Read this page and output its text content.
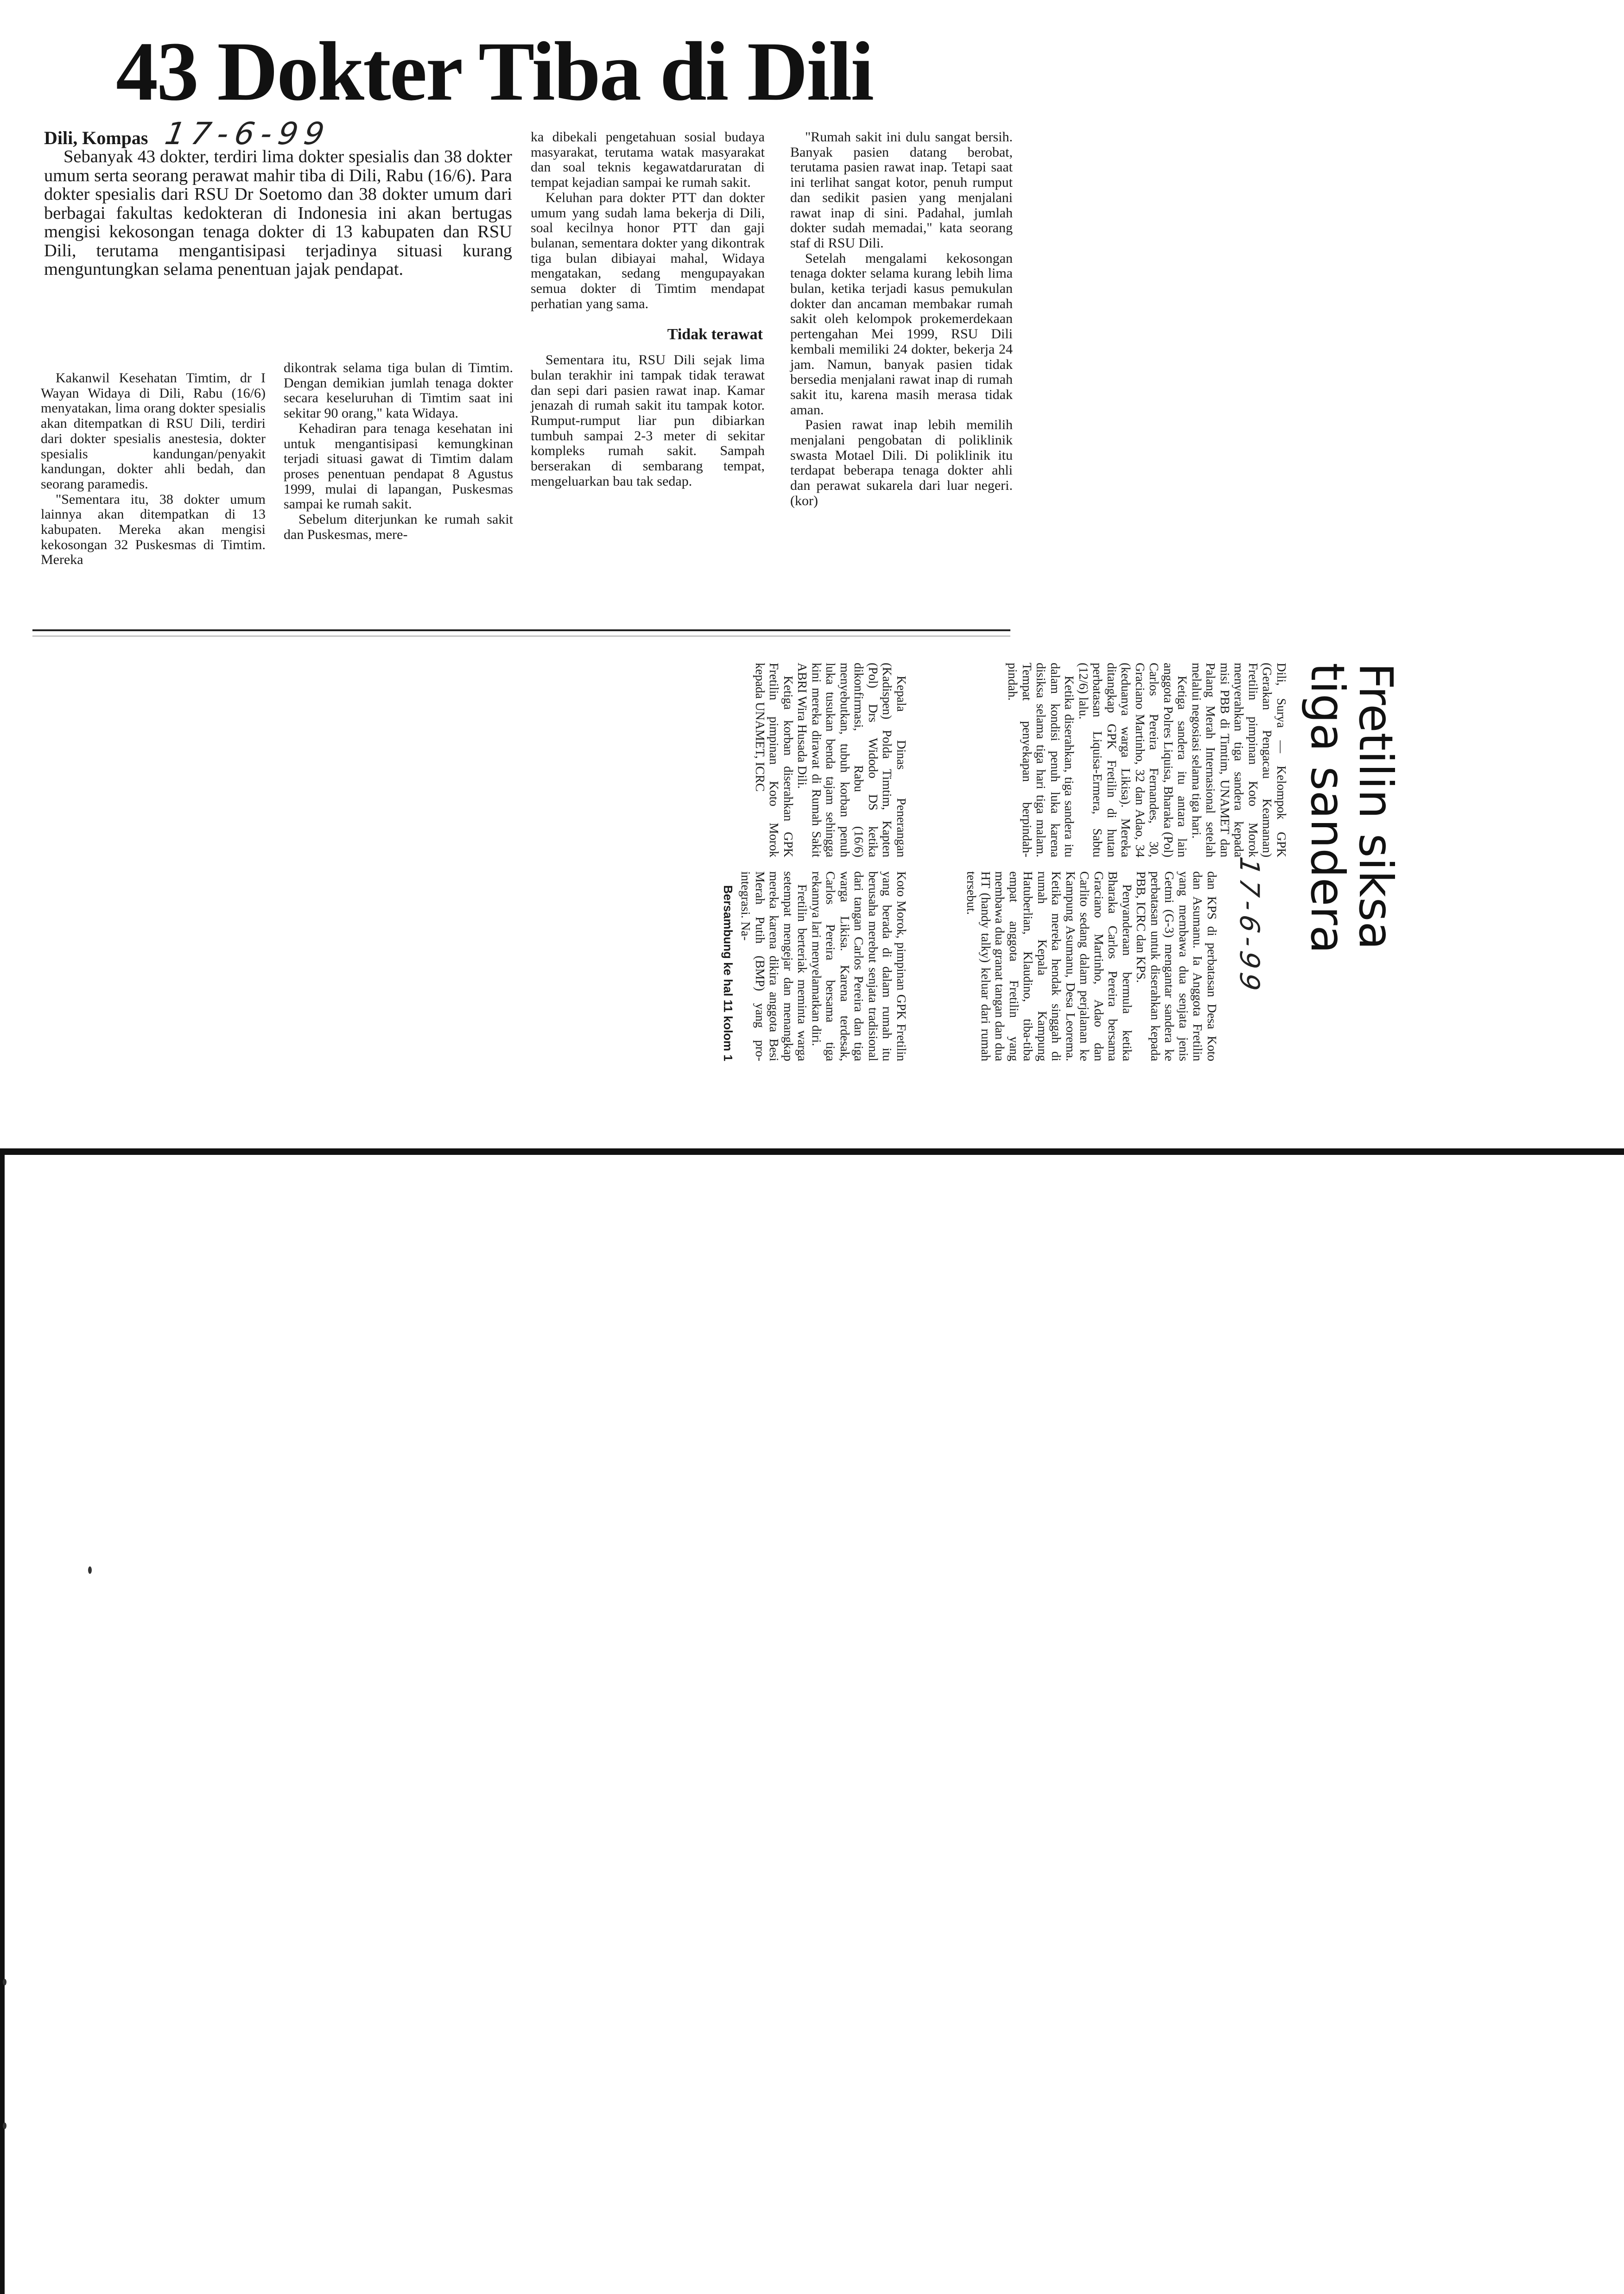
43 Dokter Tiba di Dili
Dili, Kompas 17-6-99

Sebanyak 43 dokter, terdiri lima dokter spesialis dan 38 dokter umum serta seorang perawat mahir tiba di Dili, Rabu (16/6). Para dokter spesialis dari RSU Dr Soetomo dan 38 dokter umum dari berbagai fakultas kedokteran di Indonesia ini akan bertugas mengisi kekosongan tenaga dokter di 13 kabupaten dan RSU Dili, terutama mengantisipasi terjadinya situasi kurang menguntungkan selama penentuan jajak pendapat.

Kakanwil Kesehatan Timtim, dr I Wayan Widaya di Dili, Rabu (16/6) menyatakan, lima orang dokter spesialis akan ditempatkan di RSU Dili, terdiri dari dokter spesialis anestesia, dokter spesialis kandungan/penyakit kandungan, dokter ahli bedah, dan seorang paramedis.

"Sementara itu, 38 dokter umum lainnya akan ditempatkan di 13 kabupaten. Mereka akan mengisi kekosongan 32 Puskesmas di Timtim. Mereka

dikontrak selama tiga bulan di Timtim. Dengan demikian jumlah tenaga dokter secara keseluruhan di Timtim saat ini sekitar 90 orang," kata Widaya.

Kehadiran para tenaga kesehatan ini untuk mengantisipasi kemungkinan terjadi situasi gawat di Timtim dalam proses penentuan pendapat 8 Agustus 1999, mulai di lapangan, Puskesmas sampai ke rumah sakit.

Sebelum diterjunkan ke rumah sakit dan Puskesmas, mere-

ka dibekali pengetahuan sosial budaya masyarakat, terutama watak masyarakat dan soal teknis kegawatdaruratan di tempat kejadian sampai ke rumah sakit.

Keluhan para dokter PTT dan dokter umum yang sudah lama bekerja di Dili, soal kecilnya honor PTT dan gaji bulanan, sementara dokter yang dikontrak tiga bulan dibiayai mahal, Widaya mengatakan, sedang mengupayakan semua dokter di Timtim mendapat perhatian yang sama.

Tidak terawat

Sementara itu, RSU Dili sejak lima bulan terakhir ini tampak tidak terawat dan sepi dari pasien rawat inap. Kamar jenazah di rumah sakit itu tampak kotor. Rumput-rumput liar pun dibiarkan tumbuh sampai 2-3 meter di sekitar kompleks rumah sakit. Sampah berserakan di sembarang tempat, mengeluarkan bau tak sedap.

"Rumah sakit ini dulu sangat bersih. Banyak pasien datang berobat, terutama pasien rawat inap. Tetapi saat ini terlihat sangat kotor, penuh rumput dan sedikit pasien yang menjalani rawat inap di sini. Padahal, jumlah dokter sudah memadai," kata seorang staf di RSU Dili.

Setelah mengalami kekosongan tenaga dokter selama kurang lebih lima bulan, ketika terjadi kasus pemukulan dokter dan ancaman membakar rumah sakit oleh kelompok prokemerdekaan pertengahan Mei 1999, RSU Dili kembali memiliki 24 dokter, bekerja 24 jam. Namun, banyak pasien tidak bersedia menjalani rawat inap di rumah sakit itu, karena masih merasa tidak aman.

Pasien rawat inap lebih memilih menjalani pengobatan di poliklinik swasta Motael Dili. Di poliklinik itu terdapat beberapa tenaga dokter ahli dan perawat sukarela dari luar negeri. (kor)

Fretilin siksa
tiga sandera
17-6-99

Dili, Surya — Kelompok GPK (Gerakan Pengacau Keamanan) Fretilin pimpinan Koto Morok menyerahkan tiga sandera kepada misi PBB di Timtim, UNAMET dan Palang Merah Internasional setelah melalui negosiasi selama tiga hari.

Ketiga sandera itu antara lain anggota Polres Liquisa, Bharaka (Pol) Carlos Pereira Fernandes, 30, Graciano Martinho, 32 dan Adao, 34 (keduanya warga Likisa). Mereka ditangkap GPK Fretilin di hutan perbatasan Liquisa-Ermera, Sabtu (12/6) lalu.

Ketika diserahkan, tiga sandera itu dalam kondisi penuh luka karena disiksa selama tiga hari tiga malam. Tempat penyekapan berpindah-pindah.

dan KPS di perbatasan Desa Koto dan Asumanu. Ia Anggota Fretilin yang membawa dua senjata jenis Getmi (G-3) mengantar sandera ke perbatasan untuk diserahkan kepada PBB, ICRC dan KPS.

Penyanderaan bermula ketika Bharaka Carlos Pereira bersama Graciano Martinho, Adao dan Carlito sedang dalam perjalanan ke Kampung Asumanu, Desa Leorema. Ketika mereka hendak singgah di rumah Kepala Kampung Hatuberlian, Klaudino, tiba-tiba empat anggota Fretilin yang membawa dua granat tangan dan dua HT (handy talky) keluar dari rumah tersebut.

Kepala Dinas Penerangan (Kadispen) Polda Timtim, Kapten (Pol) Drs Widodo DS ketika dikonfirmasi, Rabu (16/6) menyebutkan, tubuh korban penuh luka tusukan benda tajam sehingga kini mereka dirawat di Rumah Sakit ABRI Wira Husada Dili.

Ketiga korban diserahkan GPK Fretilin pimpinan Koto Morok kepada UNAMET, ICRC

Koto Morok, pimpinan GPK Fretilin yang berada di dalam rumah itu berusaha merebut senjata tradisional dari tangan Carlos Pereira dan tiga warga Likisa. Karena terdesak, Carlos Pereira bersama tiga rekannya lari menyelamatkan diri.

Fretilin berteriak meminta warga setempat mengejar dan menangkap mereka karena dikira anggota Besi Merah Putih (BMP) yang pro-integrasi. Na-

Bersambung ke hal 11 kolom 1
